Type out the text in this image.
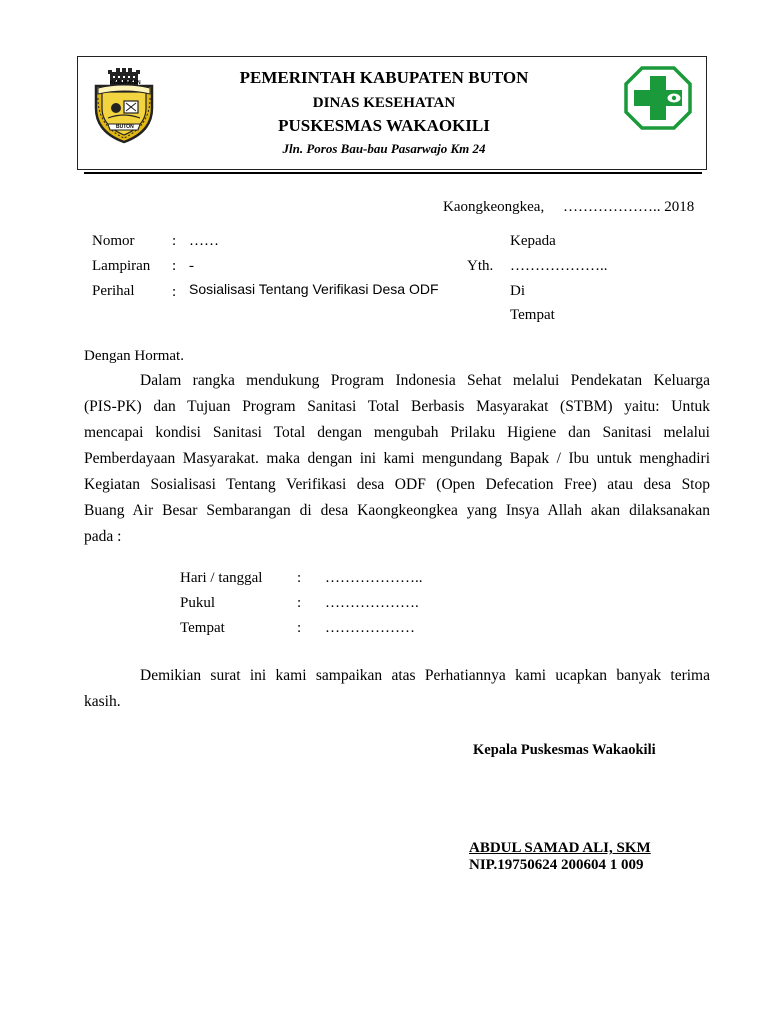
KABUPATEN
BUTON
PEMERINTAH KABUPATEN BUTON
DINAS KESEHATAN
PUSKESMAS WAKAOKILI
Jln. Poros Bau-bau Pasarwajo Km 24
Kaongkeongkea,     ……………….. 2018
Nomor	: ……
Lampiran : -
Perihal	: Sosialisasi Tentang Verifikasi Desa ODF
Kepada
Yth. ………………..
Di
Tempat
Dengan Hormat.
Dalam rangka mendukung Program Indonesia Sehat melalui Pendekatan Keluarga
(PIS-PK) dan Tujuan Program Sanitasi Total Berbasis Masyarakat (STBM) yaitu: Untuk
mencapai kondisi Sanitasi Total dengan mengubah Prilaku Higiene dan Sanitasi melalui
Pemberdayaan Masyarakat. maka dengan ini kami mengundang Bapak / Ibu untuk menghadiri
Kegiatan Sosialisasi Tentang Verifikasi desa ODF (Open Defecation Free) atau desa Stop
Buang Air Besar Sembarangan di desa Kaongkeongkea yang Insya Allah akan dilaksanakan
pada :
Hari / tanggal : ………………..
Pukul	: ……………….
Tempat	: ………………
Demikian surat ini kami sampaikan atas Perhatiannya kami ucapkan banyak terima
kasih.
Kepala Puskesmas Wakaokili
ABDUL SAMAD ALI, SKM
NIP.19750624 200604 1 009
